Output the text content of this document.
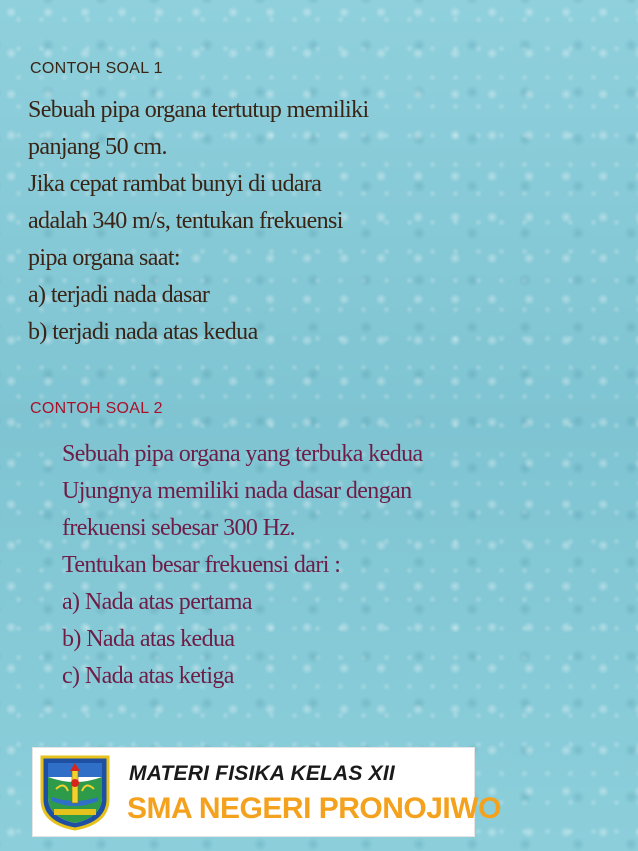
CONTOH SOAL 1
Sebuah pipa organa tertutup memiliki
panjang 50 cm.
Jika cepat rambat bunyi di udara
adalah 340 m/s, tentukan frekuensi
pipa organa saat:
a) terjadi nada dasar
b) terjadi nada atas kedua
CONTOH SOAL 2
Sebuah pipa organa yang terbuka kedua
Ujungnya memiliki nada dasar dengan
frekuensi sebesar 300 Hz.
Tentukan besar frekuensi dari :
a) Nada atas pertama
b) Nada atas kedua
c) Nada atas ketiga
MATERI FISIKA KELAS XII
SMA NEGERI PRONOJIWO
